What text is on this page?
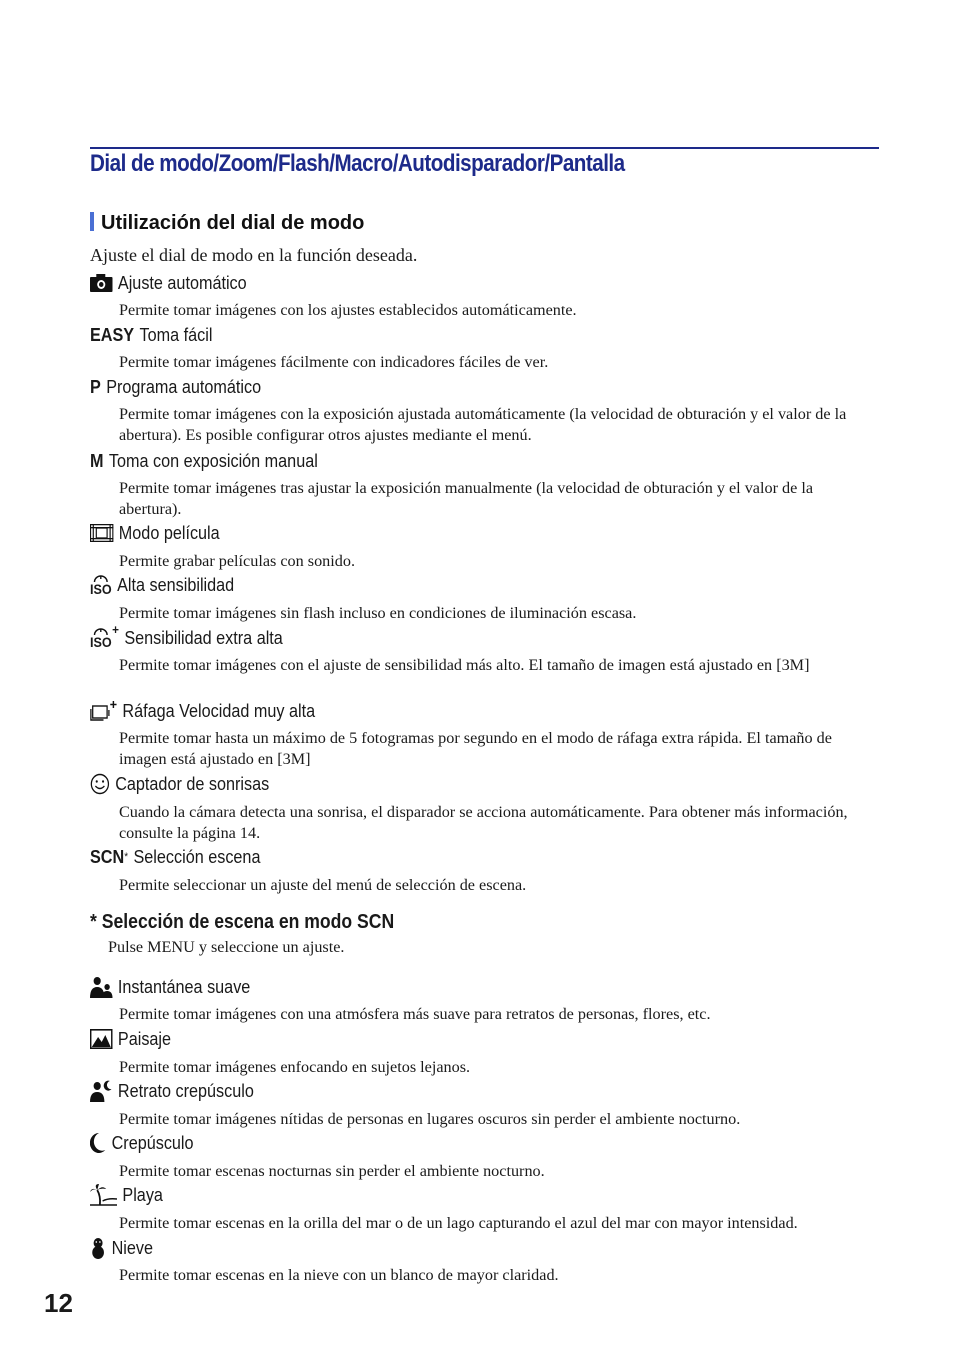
Dial de modo/Zoom/Flash/Macro/Autodisparador/Pantalla
Utilización del dial de modo
Ajuste el dial de modo en la función deseada.
Ajuste automático
Permite tomar imágenes con los ajustes establecidos automáticamente.
EASY Toma fácil
Permite tomar imágenes fácilmente con indicadores fáciles de ver.
P Programa automático
Permite tomar imágenes con la exposición ajustada automáticamente (la velocidad de obturación y el valor de la abertura). Es posible configurar otros ajustes mediante el menú.
M Toma con exposición manual
Permite tomar imágenes tras ajustar la exposición manualmente (la velocidad de obturación y el valor de la abertura).
Modo película
Permite grabar películas con sonido.
ISO Alta sensibilidad
Permite tomar imágenes sin flash incluso en condiciones de iluminación escasa.
ISO
+ Sensibilidad extra alta
Permite tomar imágenes con el ajuste de sensibilidad más alto. El tamaño de imagen está ajustado en [3M]
Ráfaga Velocidad muy alta
Permite tomar hasta un máximo de 5 fotogramas por segundo en el modo de ráfaga extra rápida. El tamaño de imagen está ajustado en [3M]
Captador de sonrisas
Cuando la cámara detecta una sonrisa, el disparador se acciona automáticamente. Para obtener más información, consulte la página 14.
SCN * Selección escena
Permite seleccionar un ajuste del menú de selección de escena.
* Selección de escena en modo SCN
Pulse MENU y seleccione un ajuste.
Instantánea suave
Permite tomar imágenes con una atmósfera más suave para retratos de personas, flores, etc.
Paisaje
Permite tomar imágenes enfocando en sujetos lejanos.
Retrato crepúsculo
Permite tomar imágenes nítidas de personas en lugares oscuros sin perder el ambiente nocturno.
Crepúsculo
Permite tomar escenas nocturnas sin perder el ambiente nocturno.
Playa
Permite tomar escenas en la orilla del mar o de un lago capturando el azul del mar con mayor intensidad.
Nieve
Permite tomar escenas en la nieve con un blanco de mayor claridad.
12
